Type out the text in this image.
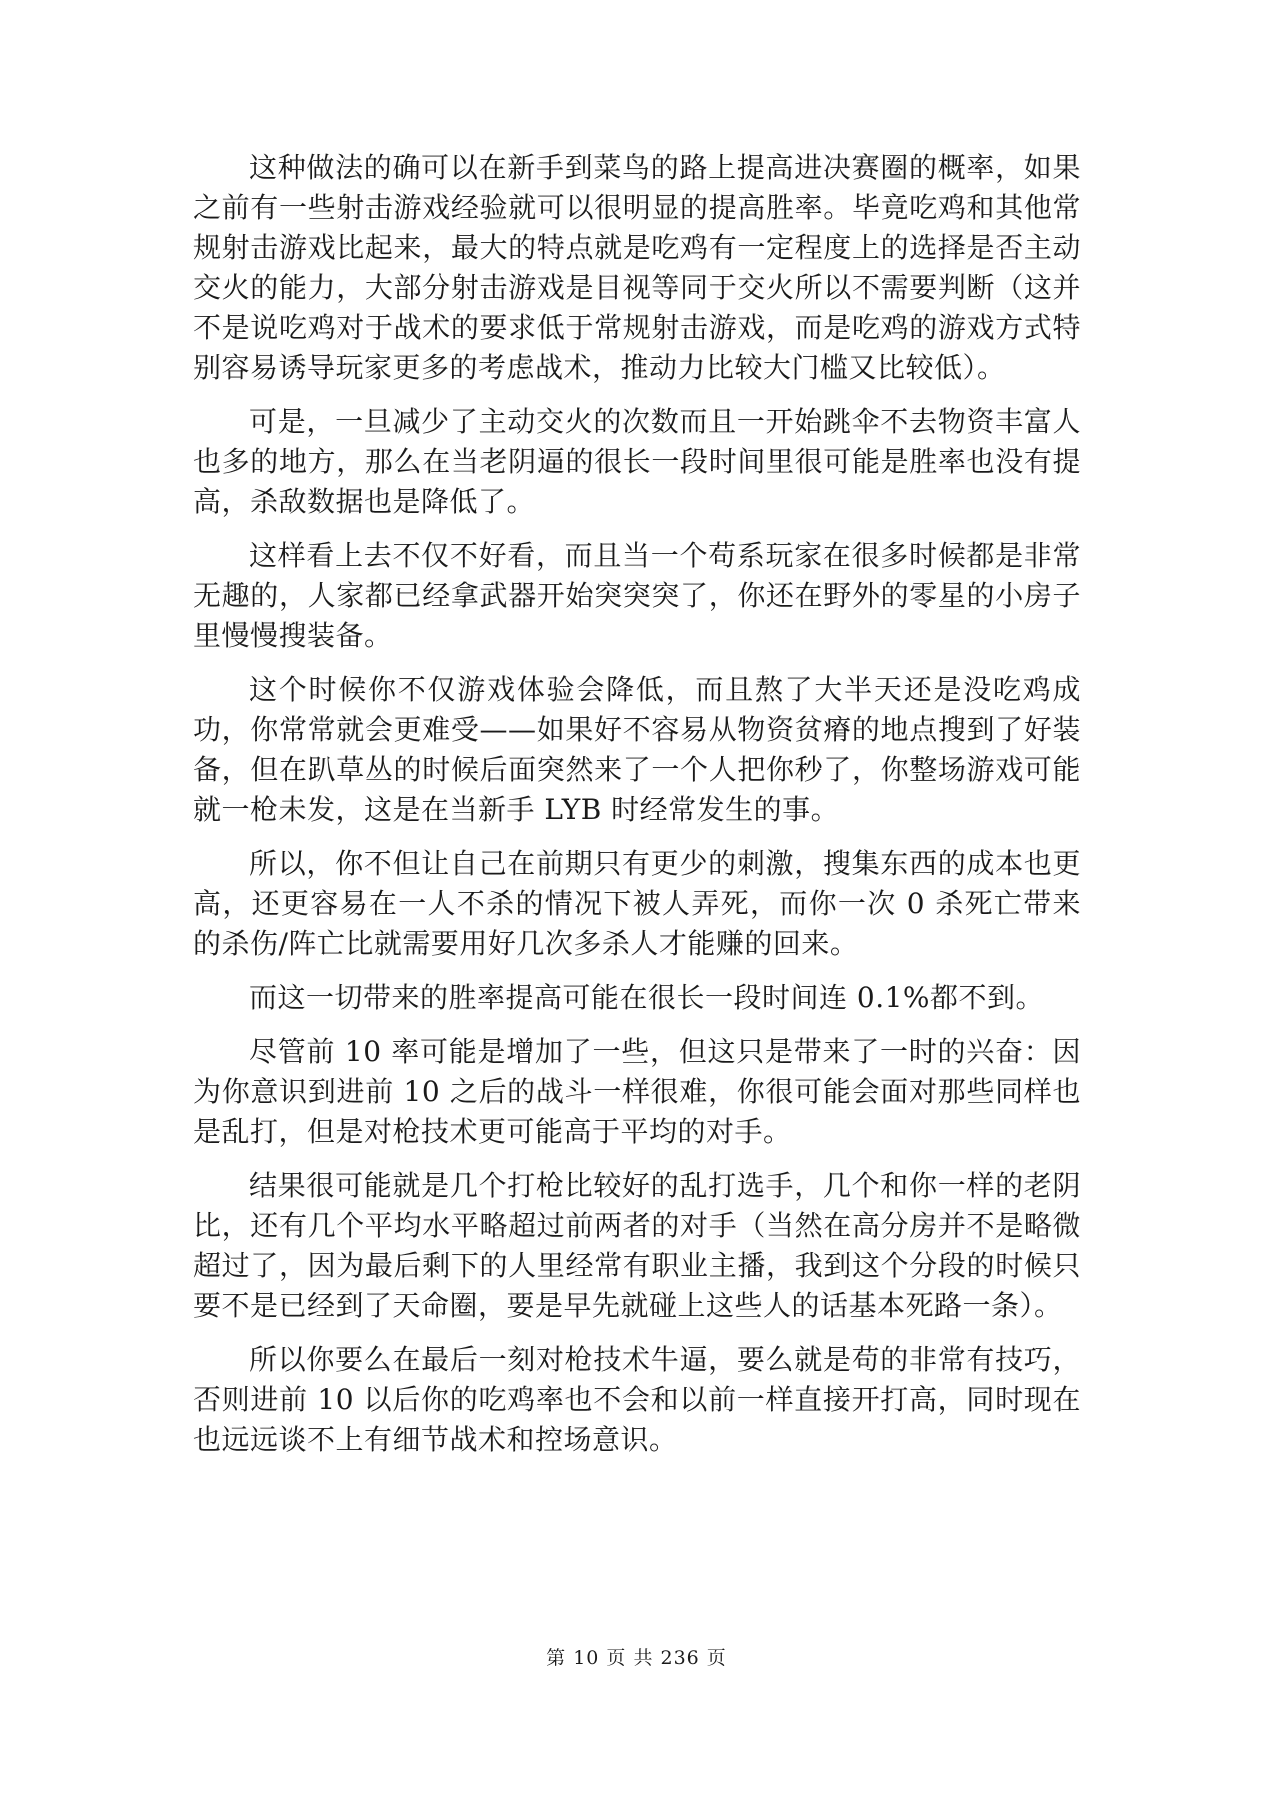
这种做法的确可以在新手到菜鸟的路上提高进决赛圈的概率，如果之前有一些射击游戏经验就可以很明显的提高胜率。毕竟吃鸡和其他常规射击游戏比起来，最大的特点就是吃鸡有一定程度上的选择是否主动交火的能力，大部分射击游戏是目视等同于交火所以不需要判断（这并不是说吃鸡对于战术的要求低于常规射击游戏，而是吃鸡的游戏方式特别容易诱导玩家更多的考虑战术，推动力比较大门槛又比较低）。

可是，一旦减少了主动交火的次数而且一开始跳伞不去物资丰富人也多的地方，那么在当老阴逼的很长一段时间里很可能是胜率也没有提高，杀敌数据也是降低了。

这样看上去不仅不好看，而且当一个苟系玩家在很多时候都是非常无趣的，人家都已经拿武器开始突突突了，你还在野外的零星的小房子里慢慢搜装备。

这个时候你不仅游戏体验会降低，而且熬了大半天还是没吃鸡成功，你常常就会更难受——如果好不容易从物资贫瘠的地点搜到了好装备，但在趴草丛的时候后面突然来了一个人把你秒了，你整场游戏可能就一枪未发，这是在当新手 LYB 时经常发生的事。

所以，你不但让自己在前期只有更少的刺激，搜集东西的成本也更高，还更容易在一人不杀的情况下被人弄死，而你一次 0 杀死亡带来的杀伤/阵亡比就需要用好几次多杀人才能赚的回来。

而这一切带来的胜率提高可能在很长一段时间连 0.1%都不到。

尽管前 10 率可能是增加了一些，但这只是带来了一时的兴奋：因为你意识到进前 10 之后的战斗一样很难，你很可能会面对那些同样也是乱打，但是对枪技术更可能高于平均的对手。

结果很可能就是几个打枪比较好的乱打选手，几个和你一样的老阴比，还有几个平均水平略超过前两者的对手（当然在高分房并不是略微超过了，因为最后剩下的人里经常有职业主播，我到这个分段的时候只要不是已经到了天命圈，要是早先就碰上这些人的话基本死路一条）。

所以你要么在最后一刻对枪技术牛逼，要么就是苟的非常有技巧，否则进前 10 以后你的吃鸡率也不会和以前一样直接开打高，同时现在也远远谈不上有细节战术和控场意识。

第 10 页 共 236 页
